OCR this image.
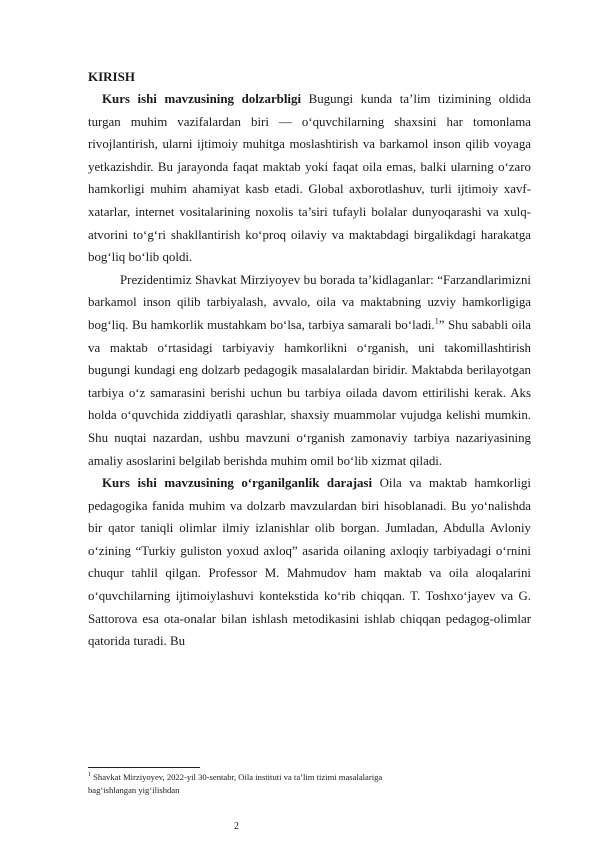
KIRISH

Kurs ishi mavzusining dolzarbligi Bugungi kunda ta’lim tizimining oldida turgan muhim vazifalardan biri — o‘quvchilarning shaxsini har tomonlama rivojlantirish, ularni ijtimoiy muhitga moslashtirish va barkamol inson qilib voyaga yetkazishdir. Bu jarayonda faqat maktab yoki faqat oila emas, balki ularning o‘zaro hamkorligi muhim ahamiyat kasb etadi. Global axborotlashuv, turli ijtimoiy xavf-xatarlar, internet vositalarining noxolis ta’siri tufayli bolalar dunyoqarashi va xulq-atvorini to‘g‘ri shakllantirish ko‘proq oilaviy va maktabdagi birgalikdagi harakatga bog‘liq bo‘lib qoldi.

Prezidentimiz Shavkat Mirziyoyev bu borada ta’kidlaganlar: “Farzandlarimizni barkamol inson qilib tarbiyalash, avvalo, oila va maktabning uzviy hamkorligiga bog‘liq. Bu hamkorlik mustahkam bo‘lsa, tarbiya samarali bo‘ladi.$^1$” Shu sababli oila va maktab o‘rtasidagi tarbiyaviy hamkorlikni o‘rganish, uni takomillashtirish bugungi kundagi eng dolzarb pedagogik masalalardan biridir. Maktabda berilayotgan tarbiya o‘z samarasini berishi uchun bu tarbiya oilada davom ettirilishi kerak. Aks holda o‘quvchida ziddiyatli qarashlar, shaxsiy muammolar vujudga kelishi mumkin. Shu nuqtai nazardan, ushbu mavzuni o‘rganish zamonaviy tarbiya nazariyasining amaliy asoslarini belgilab berishda muhim omil bo‘lib xizmat qiladi.

Kurs ishi mavzusining o‘rganilganlik darajasi Oila va maktab hamkorligi pedagogika fanida muhim va dolzarb mavzulardan biri hisoblanadi. Bu yo‘nalishda bir qator taniqli olimlar ilmiy izlanishlar olib borgan. Jumladan, Abdulla Avloniy o‘zining “Turkiy guliston yoxud axloq” asarida oilaning axloqiy tarbiyadagi o‘rnini chuqur tahlil qilgan. Professor M. Mahmudov ham maktab va oila aloqalarini o‘quvchilarning ijtimoiylashuvi kontekstida ko‘rib chiqqan. T. Toshxo‘jayev va G. Sattorova esa ota-onalar bilan ishlash metodikasini ishlab chiqqan pedagog-olimlar qatorida turadi. Bu

$^1$ Shavkat Mirziyoyev, 2022-yil 30-sentabr, Oila instituti va ta’lim tizimi masalalariga
bag‘ishlangan yig‘ilishdan
2
